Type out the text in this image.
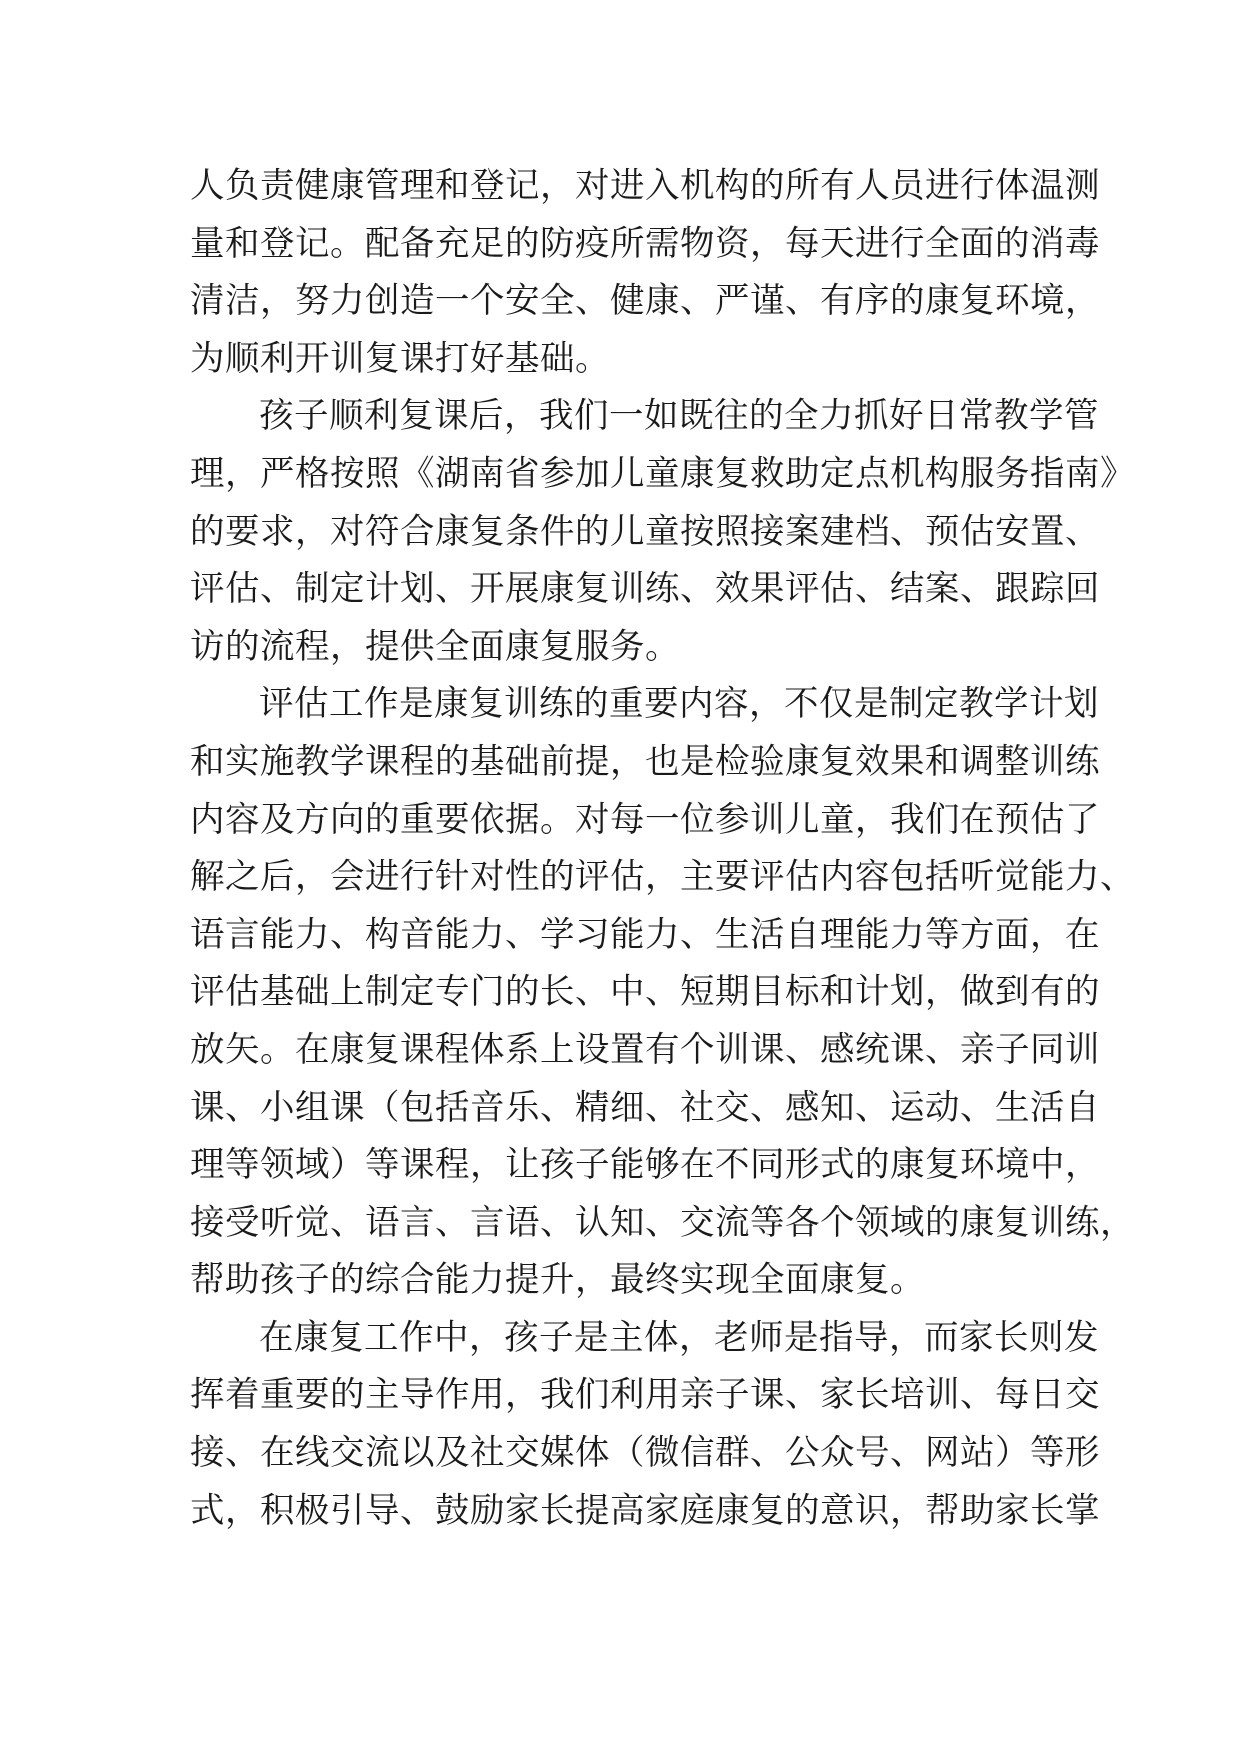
人负责健康管理和登记，对进入机构的所有人员进行体温测
量和登记。配备充足的防疫所需物资，每天进行全面的消毒
清洁，努力创造一个安全、健康、严谨、有序的康复环境，
为顺利开训复课打好基础。
孩子顺利复课后，我们一如既往的全力抓好日常教学管
理，严格按照《湖南省参加儿童康复救助定点机构服务指南》
的要求，对符合康复条件的儿童按照接案建档、预估安置、
评估、制定计划、开展康复训练、效果评估、结案、跟踪回
访的流程，提供全面康复服务。
评估工作是康复训练的重要内容，不仅是制定教学计划
和实施教学课程的基础前提，也是检验康复效果和调整训练
内容及方向的重要依据。对每一位参训儿童，我们在预估了
解之后，会进行针对性的评估，主要评估内容包括听觉能力、
语言能力、构音能力、学习能力、生活自理能力等方面，在
评估基础上制定专门的长、中、短期目标和计划，做到有的
放矢。在康复课程体系上设置有个训课、感统课、亲子同训
课、小组课（包括音乐、精细、社交、感知、运动、生活自
理等领域）等课程，让孩子能够在不同形式的康复环境中，
接受听觉、语言、言语、认知、交流等各个领域的康复训练，
帮助孩子的综合能力提升，最终实现全面康复。
在康复工作中，孩子是主体，老师是指导，而家长则发
挥着重要的主导作用，我们利用亲子课、家长培训、每日交
接、在线交流以及社交媒体（微信群、公众号、网站）等形
式，积极引导、鼓励家长提高家庭康复的意识，帮助家长掌
